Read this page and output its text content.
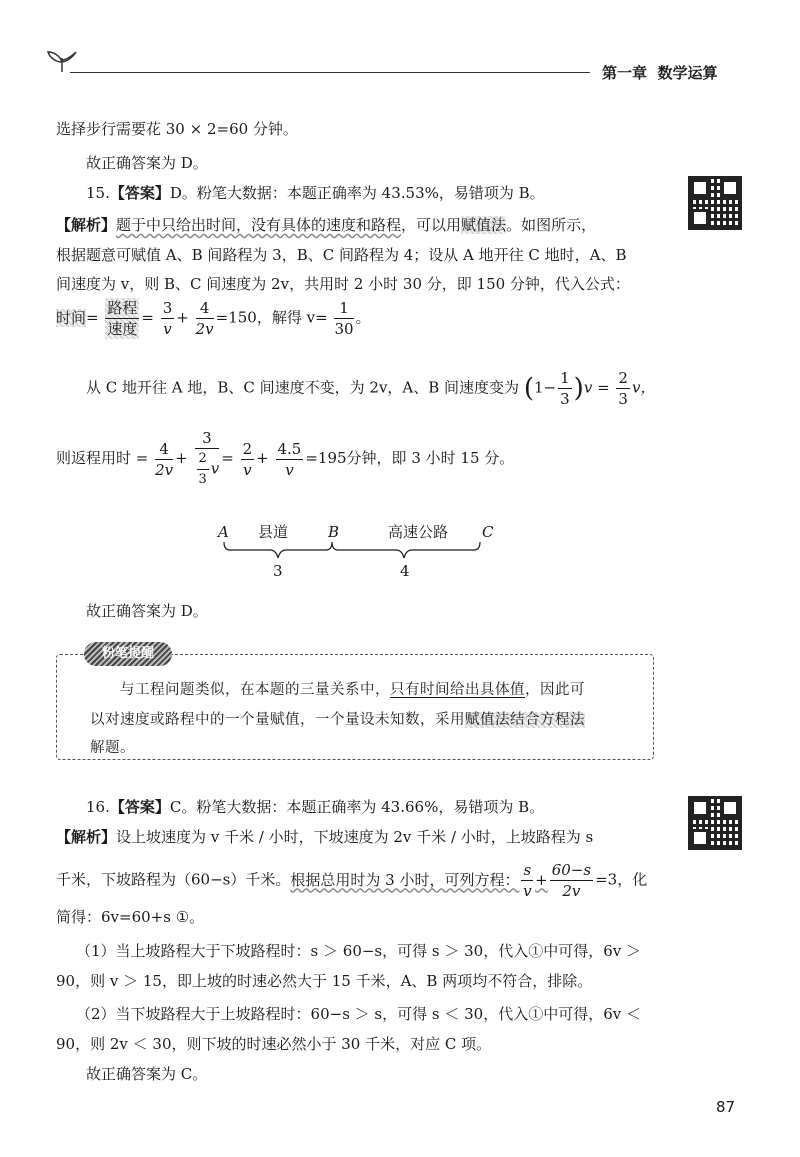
第一章 数学运算
选择步行需要花 30 × 2=60 分钟。
故正确答案为 D。
15.【答案】D。粉笔大数据：本题正确率为 43.53%，易错项为 B。
【解析】题于中只给出时间，没有具体的速度和路程，可以用赋值法。如图所示，
根据题意可赋值 A、B 间路程为 3，B、C 间路程为 4；设从 A 地开往 C 地时，A、B
间速度为 v，则 B、C 间速度为 2v，共用时 2 小时 30 分，即 150 分钟，代入公式：
时间= $\frac{\text{路程}}{\text{速度}} = \frac{3}{v} + \frac{4}{2v} =150$，解得 $v= \frac{1}{30}$ 。
从 C 地开往 A 地，B、C 间速度不变，为 2v，A、B 间速度变为 $(1- \frac{1}{3} )v = \frac{2}{3}$ v，
则返程用时 = $\frac{4}{2v} + \frac{3}{\frac{2}{3} v} = \frac{2}{v} + \frac{4.5}{v} =195$分钟，即 3 小时 15 分。
A 县道	B	高速公路 C
3	4
故正确答案为 D。
粉笔提醒
与工程问题类似，在本题的三量关系中，只有时间给出具体值，因此可
以对速度或路程中的一个量赋值，一个量设未知数，采用赋值法结合方程法
解题。
16.【答案】C。粉笔大数据：本题正确率为 43.66%，易错项为 B。
【解析】设上坡速度为 v 千米 / 小时，下坡速度为 2v 千米 / 小时，上坡路程为 s
千米，下坡路程为（60−s）千米。根据总用时为 3 小时，可列方程： $\frac{s}{v} + \frac{60-s}{2v} =3$，化
简得：6v=60+s ①。
（1）当上坡路程大于下坡路程时：s ＞ 60−s，可得 s ＞ 30，代入①中可得，6v ＞
90，则 v ＞ 15，即上坡的时速必然大于 15 千米，A、B 两项均不符合，排除。
（2）当下坡路程大于上坡路程时：60−s ＞ s，可得 s ＜ 30，代入①中可得，6v ＜
90，则 2v ＜ 30，则下坡的时速必然小于 30 千米，对应 C 项。
故正确答案为 C。
87
